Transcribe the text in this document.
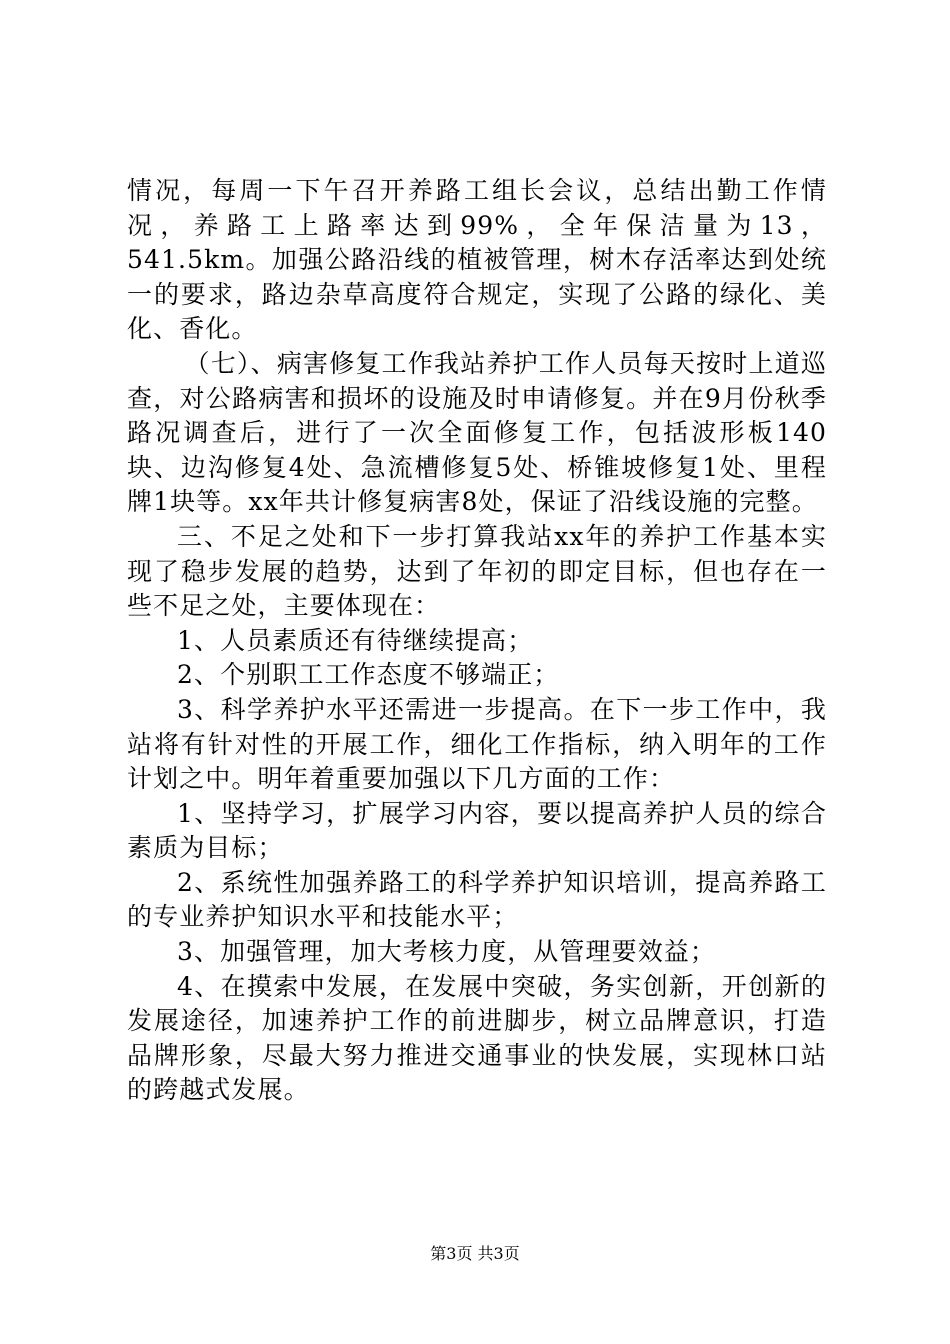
情况，每周一下午召开养路工组长会议，总结出勤工作情况，养路工上路率达到99%，全年保洁量为13，541.5km。加强公路沿线的植被管理，树木存活率达到处统一的要求，路边杂草高度符合规定，实现了公路的绿化、美化、香化。

（七）、病害修复工作我站养护工作人员每天按时上道巡查，对公路病害和损坏的设施及时申请修复。并在9月份秋季路况调查后，进行了一次全面修复工作，包括波形板140块、边沟修复4处、急流槽修复5处、桥锥坡修复1处、里程牌1块等。xx年共计修复病害8处，保证了沿线设施的完整。

三、不足之处和下一步打算我站xx年的养护工作基本实现了稳步发展的趋势，达到了年初的即定目标，但也存在一些不足之处，主要体现在：

1、人员素质还有待继续提高；

2、个别职工工作态度不够端正；

3、科学养护水平还需进一步提高。在下一步工作中，我站将有针对性的开展工作，细化工作指标，纳入明年的工作计划之中。明年着重要加强以下几方面的工作：

1、坚持学习，扩展学习内容，要以提高养护人员的综合素质为目标；

2、系统性加强养路工的科学养护知识培训，提高养路工的专业养护知识水平和技能水平；

3、加强管理，加大考核力度，从管理要效益；

4、在摸索中发展，在发展中突破，务实创新，开创新的发展途径，加速养护工作的前进脚步，树立品牌意识，打造品牌形象，尽最大努力推进交通事业的快发展，实现林口站的跨越式发展。

第3页 共3页
